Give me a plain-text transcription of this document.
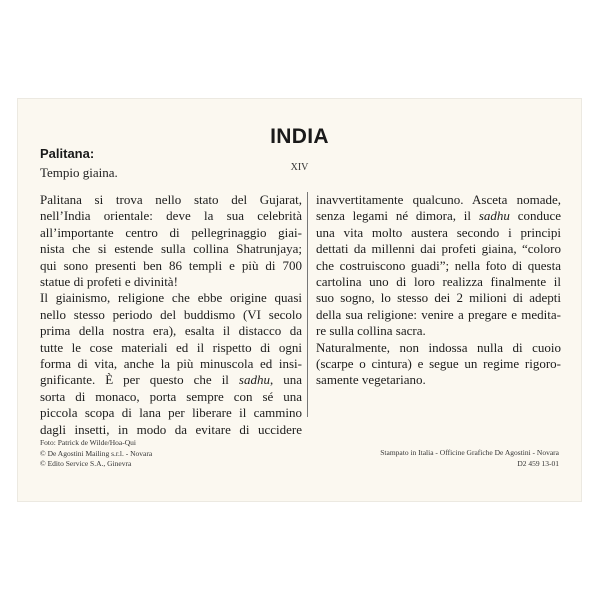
INDIA
XIV
Palitana:
Tempio giaina.
Palitana si trova nello stato del Gujarat,
nell’India orientale: deve la sua celebrità
all’importante centro di pellegrinaggio giai-
nista che si estende sulla collina Shatrunjaya;
qui sono presenti ben 86 templi e più di 700
statue di profeti e divinità!
Il giainismo, religione che ebbe origine quasi
nello stesso periodo del buddismo (VI secolo
prima della nostra era), esalta il distacco da
tutte le cose materiali ed il rispetto di ogni
forma di vita, anche la più minuscola ed insi-
gnificante. È per questo che il sadhu, una
sorta di monaco, porta sempre con sé una
piccola scopa di lana per liberare il cammino
dagli insetti, in modo da evitare di uccidere
inavvertitamente qualcuno. Asceta nomade,
senza legami né dimora, il sadhu conduce
una vita molto austera secondo i principi
dettati da millenni dai profeti giaina, “coloro
che costruiscono guadi”; nella foto di questa
cartolina uno di loro realizza finalmente il
suo sogno, lo stesso dei 2 milioni di adepti
della sua religione: venire a pregare e medita-
re sulla collina sacra.
Naturalmente, non indossa nulla di cuoio
(scarpe o cintura) e segue un regime rigoro-
samente vegetariano.
Foto: Patrick de Wilde/Hoa-Qui
© De Agostini Mailing s.r.l. - Novara
© Edito Service S.A., Ginevra
Stampato in Italia - Officine Grafiche De Agostini - Novara
D2 459 13-01
